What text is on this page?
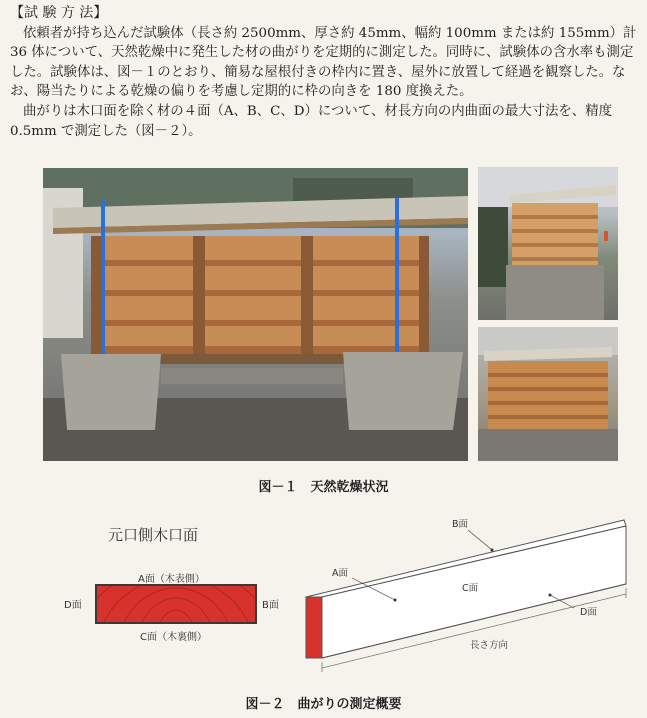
【試 験 方 法】

依頼者が持ち込んだ試験体（長さ約 2500mm、厚さ約 45mm、幅約 100mm または約 155mm）計 36 体について、天然乾燥中に発生した材の曲がりを定期的に測定した。同時に、試験体の含水率も測定した。試験体は、図－１のとおり、簡易な屋根付きの枠内に置き、屋外に放置して経過を観察した。なお、陽当たりによる乾燥の偏りを考慮し定期的に枠の向きを 180 度換えた。

曲がりは木口面を除く材の４面（A、B、C、D）について、材長方向の内曲面の最大寸法を、精度 0.5mm で測定した（図－２）。

図－１　天然乾燥状況
元口側木口面
A面（木表側）
D面	B面
C面（木裏側）
B面
A面
C面
D面
長さ方向
図－２　曲がりの測定概要
